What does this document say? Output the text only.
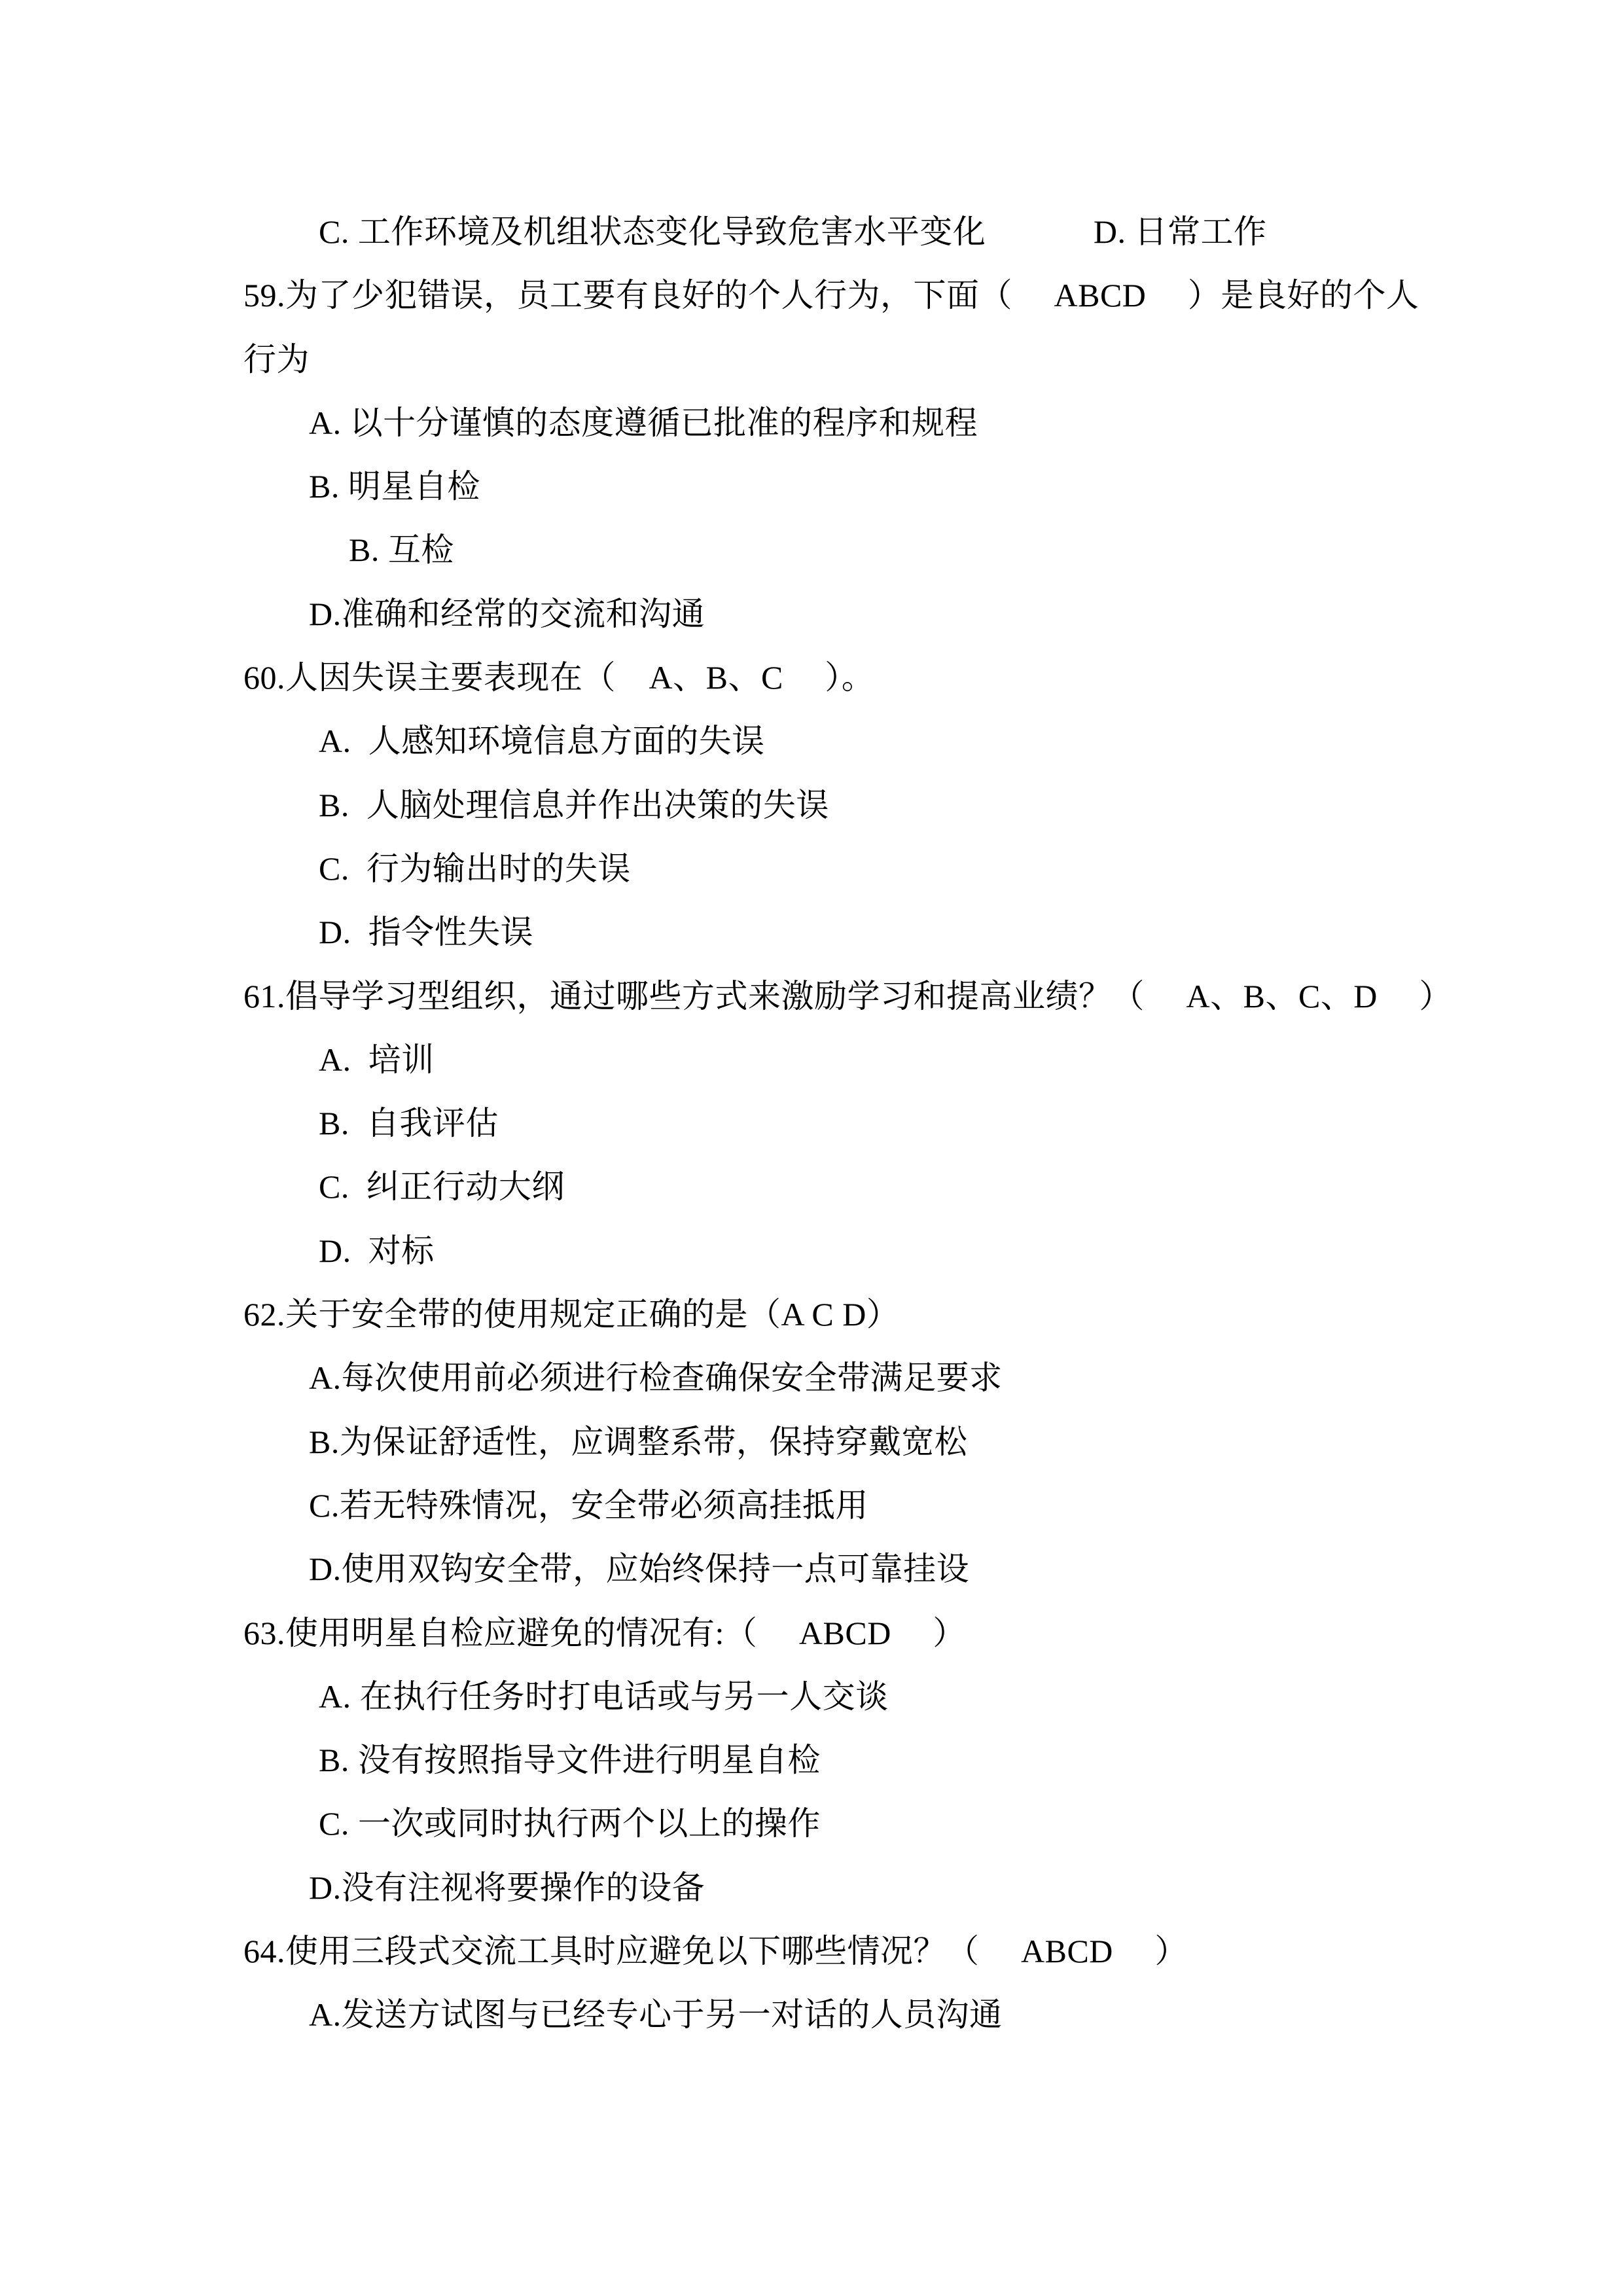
C. 工作环境及机组状态变化导致危害水平变化　　　 D. 日常工作
59.为了少犯错误，员工要有良好的个人行为，下面（　 ABCD　 ）是良好的个人
行为
A. 以十分谨慎的态度遵循已批准的程序和规程
B. 明星自检
B. 互检
D.准确和经常的交流和沟通
60.人因失误主要表现在（　A、B、C　 ）。
A.  人感知环境信息方面的失误
B.  人脑处理信息并作出决策的失误
C.  行为输出时的失误
D.  指令性失误
61.倡导学习型组织，通过哪些方式来激励学习和提高业绩？（　 A、B、C、D　 ）
A.  培训
B.  自我评估
C.  纠正行动大纲
D.  对标
62.关于安全带的使用规定正确的是（A C D）
A.每次使用前必须进行检查确保安全带满足要求
B.为保证舒适性，应调整系带，保持穿戴宽松
C.若无特殊情况，安全带必须高挂抵用
D.使用双钩安全带，应始终保持一点可靠挂设
63.使用明星自检应避免的情况有:（　 ABCD　 ）
A. 在执行任务时打电话或与另一人交谈
B. 没有按照指导文件进行明星自检
C. 一次或同时执行两个以上的操作
D.没有注视将要操作的设备
64.使用三段式交流工具时应避免以下哪些情况？（　 ABCD　 ）
A.发送方试图与已经专心于另一对话的人员沟通
